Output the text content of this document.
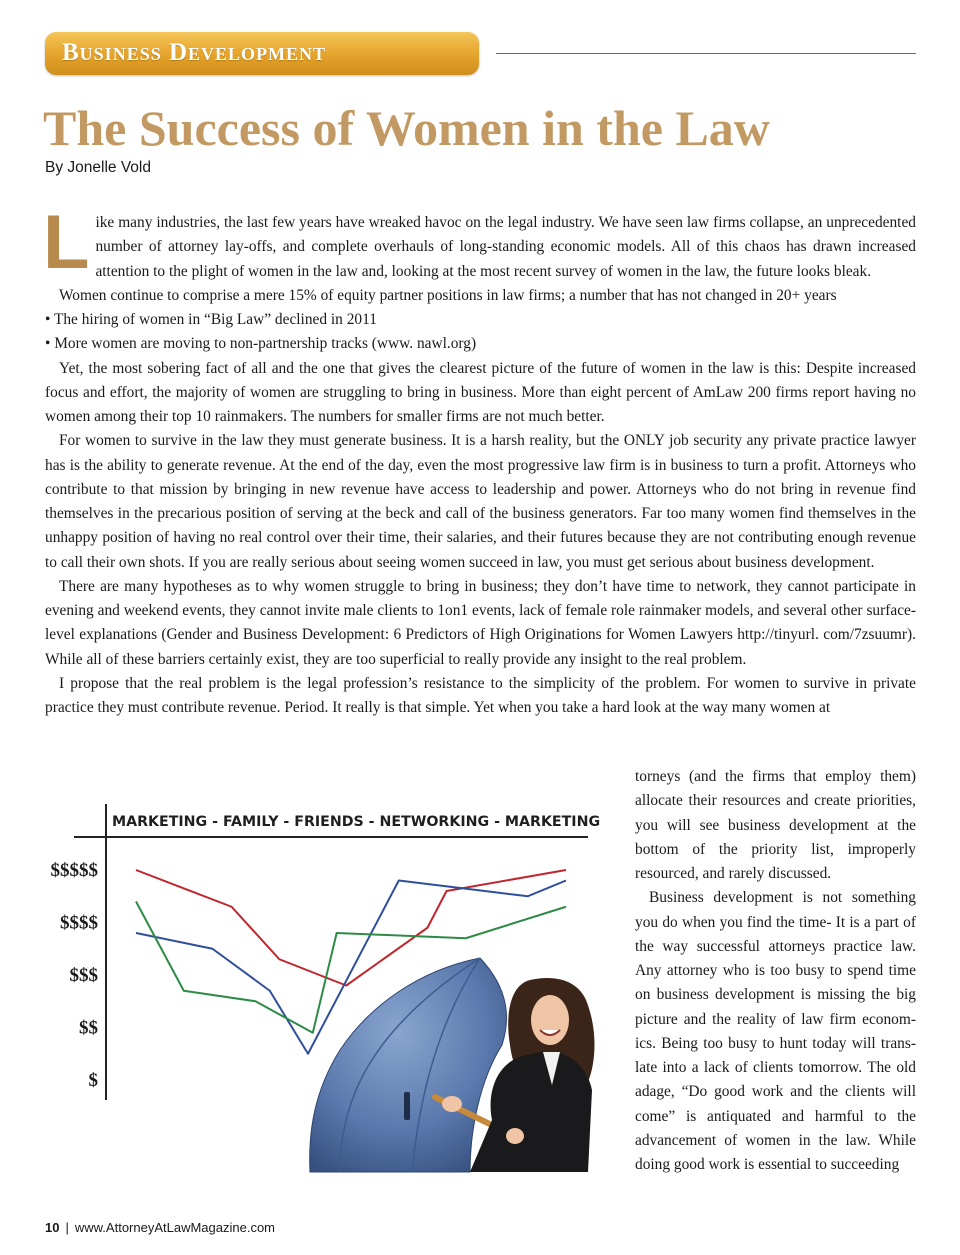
Business Development
The Success of Women in the Law
By Jonelle Vold

Like many industries, the last few years have wreaked havoc on the legal industry. We have seen law firms collapse, an unprecedented number of attorney lay-offs, and complete overhauls of long-standing economic models. All of this chaos has drawn increased attention to the plight of women in the law and, looking at the most recent survey of women in the law, the future looks bleak.

Women continue to comprise a mere 15% of equity partner positions in law firms; a number that has not changed in 20+ years

• The hiring of women in “Big Law” declined in 2011

• More women are moving to non-partnership tracks (www. nawl.org)

Yet, the most sobering fact of all and the one that gives the clearest picture of the future of women in the law is this: Despite increased focus and effort, the majority of women are struggling to bring in business. More than eight percent of AmLaw 200 firms report having no women among their top 10 rainmakers. The numbers for smaller firms are not much better.

For women to survive in the law they must generate business. It is a harsh reality, but the ONLY job security any private practice lawyer has is the ability to generate revenue. At the end of the day, even the most progressive law firm is in business to turn a profit. Attorneys who contribute to that mission by bringing in new revenue have access to leadership and power. Attorneys who do not bring in revenue find themselves in the precarious position of serving at the beck and call of the business generators. Far too many women find themselves in the unhappy position of having no real control over their time, their salaries, and their futures because they are not contributing enough revenue to call their own shots. If you are really serious about seeing women succeed in law, you must get serious about business development.

There are many hypotheses as to why women struggle to bring in business; they don’t have time to network, they cannot participate in evening and weekend events, they cannot invite male clients to 1on1 events, lack of female role rainmaker models, and several other surface-level explanations (Gender and Business Development: 6 Predictors of High Originations for Women Lawyers http://tinyurl. com/7zsuumr). While all of these barriers certainly exist, they are too superficial to really provide any insight to the real problem.

I propose that the real problem is the legal profession’s resistance to the simplicity of the problem. For women to survive in private practice they must contribute revenue. Period. It really is that simple. Yet when you take a hard look at the way many women at

torneys (and the firms that employ them) allocate their resources and create priorities, you will see business development at the bottom of the priority list, improperly resourced, and rarely discussed.

Business development is not something you do when you find the time- It is a part of the way successful attorneys practice law. Any attorney who is too busy to spend time on business development is missing the big picture and the reality of law firm economics. Being too busy to hunt today will translate into a lack of clients tomorrow. The old adage, “Do good work and the clients will come” is antiquated and harmful to the advancement of women in the law. While doing good work is essential to succeeding

MARKETING - FAMILY - FRIENDS - NETWORKING - MARKETING
$$$$$
$$$$
$$$
$$
$
10 | www.AttorneyAtLawMagazine.com
